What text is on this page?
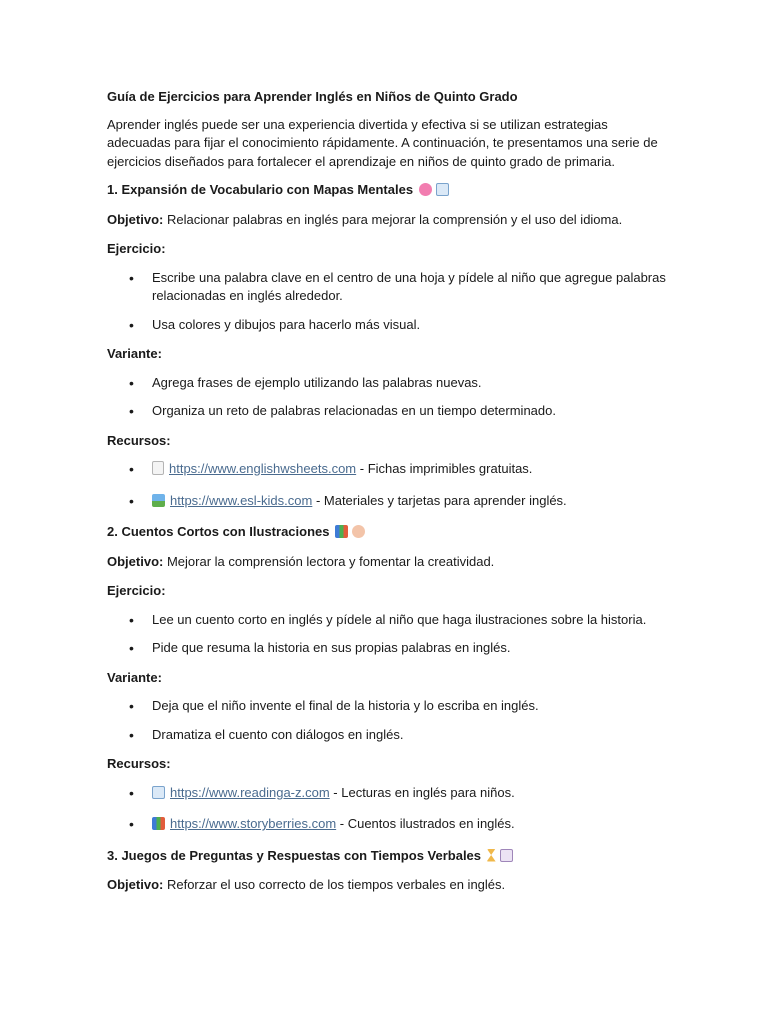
Guía de Ejercicios para Aprender Inglés en Niños de Quinto Grado

Aprender inglés puede ser una experiencia divertida y efectiva si se utilizan estrategias adecuadas para fijar el conocimiento rápidamente. A continuación, te presentamos una serie de ejercicios diseñados para fortalecer el aprendizaje en niños de quinto grado de primaria.

1. Expansión de Vocabulario con Mapas Mentales

Objetivo: Relacionar palabras en inglés para mejorar la comprensión y el uso del idioma.

Ejercicio:

• Escribe una palabra clave en el centro de una hoja y pídele al niño que agregue palabras relacionadas en inglés alrededor.
• Usa colores y dibujos para hacerlo más visual.

Variante:

• Agrega frases de ejemplo utilizando las palabras nuevas.
• Organiza un reto de palabras relacionadas en un tiempo determinado.

Recursos:

•	https://www.englishwsheets.com - Fichas imprimibles gratuitas.
•	https://www.esl-kids.com - Materiales y tarjetas para aprender inglés.

2. Cuentos Cortos con Ilustraciones

Objetivo: Mejorar la comprensión lectora y fomentar la creatividad.

Ejercicio:

• Lee un cuento corto en inglés y pídele al niño que haga ilustraciones sobre la historia.
• Pide que resuma la historia en sus propias palabras en inglés.

Variante:

• Deja que el niño invente el final de la historia y lo escriba en inglés.
• Dramatiza el cuento con diálogos en inglés.

Recursos:

•	https://www.readinga-z.com - Lecturas en inglés para niños.
•	https://www.storyberries.com - Cuentos ilustrados en inglés.

3. Juegos de Preguntas y Respuestas con Tiempos Verbales

Objetivo: Reforzar el uso correcto de los tiempos verbales en inglés.
